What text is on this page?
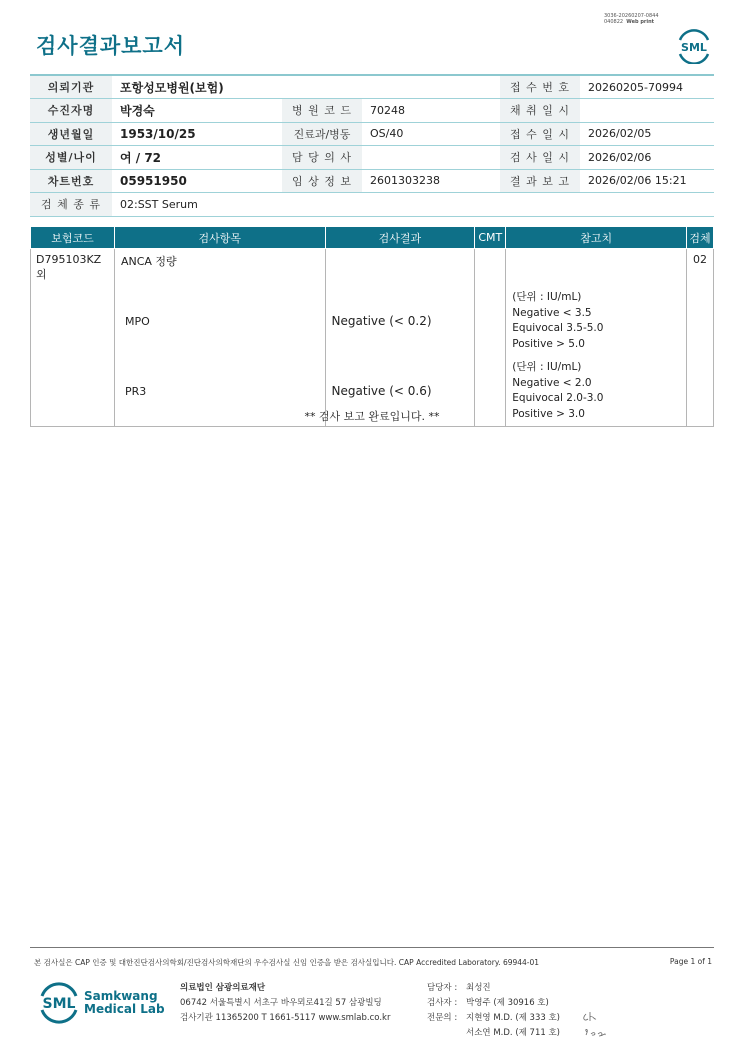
3036-20260207-0844
040822 Web print
검사결과보고서	SML
의뢰기관	포항성모병원(보험)			접 수 번 호	20260205-70994
수진자명	박경숙	병 원 코 드	70248	채 취 일 시	
생년월일	1953/10/25	진료과/병동	OS/40	접 수 일 시	2026/02/05
성별/나이	여 / 72	담 당 의 사		검 사 일 시	2026/02/06
차트번호	05951950	임 상 정 보	2601303238	결 과 보 고	2026/02/06 15:21
검 체 종 류	02:SST Serum				
보험코드	검사항목	검사결과	CMT	참고치	검체
D795103KZ외	ANCA 정량				02
	MPO	Negative (< 0.2)		(단위 : IU/mL)
Negative < 3.5
Equivocal 3.5-5.0
Positive > 5.0	

	PR3	Negative (< 0.6)		(단위 : IU/mL)
Negative < 2.0
Equivocal 2.0-3.0
Positive > 3.0	

** 검사 보고 완료입니다. **
본 검사실은 CAP 인증 및 대한진단검사의학회/진단검사의학재단의 우수검사실 신임 인증을 받은 검사실입니다. CAP Accredited Laboratory. 69944-01	Page 1 of 1
SML Samkwang
Medical Lab
의료법인 삼광의료재단
06742 서울특별시 서초구 바우뫼로41길 57 삼광빌딩
검사기관 11365200 T 1661-5117 www.smlab.co.kr
담당자 :	최성진
검사자 :	박영주 (제 30916 호)
전문의 :	지현영 M.D. (제 333 호)
서소연 M.D. (제 711 호)
